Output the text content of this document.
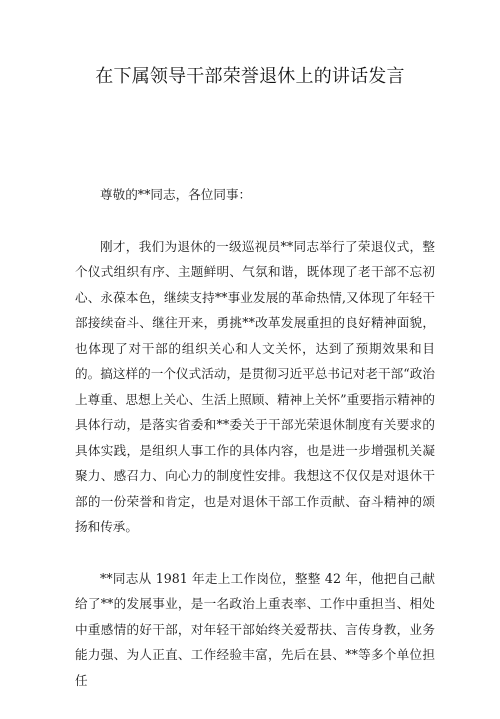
在下属领导干部荣誉退休上的讲话发言

尊敬的**同志，各位同事：

刚才，我们为退休的一级巡视员**同志举行了荣退仪式，整个仪式组织有序、主题鲜明、气氛和谐，既体现了老干部不忘初心、永葆本色，继续支持**事业发展的革命热情,又体现了年轻干部接续奋斗、继往开来，勇挑**改革发展重担的良好精神面貌，也体现了对干部的组织关心和人文关怀，达到了预期效果和目的。搞这样的一个仪式活动，是贯彻习近平总书记对老干部“政治上尊重、思想上关心、生活上照顾、精神上关怀”重要指示精神的具体行动，是落实省委和**委关于干部光荣退休制度有关要求的具体实践，是组织人事工作的具体内容，也是进一步增强机关凝聚力、感召力、向心力的制度性安排。我想这不仅仅是对退休干部的一份荣誉和肯定，也是对退休干部工作贡献、奋斗精神的颂扬和传承。

**同志从 1981 年走上工作岗位，整整 42 年，他把自己献给了**的发展事业，是一名政治上重表率、工作中重担当、相处中重感情的好干部，对年轻干部始终关爱帮扶、言传身教，业务能力强、为人正直、工作经验丰富，先后在县、**等多个单位担任
